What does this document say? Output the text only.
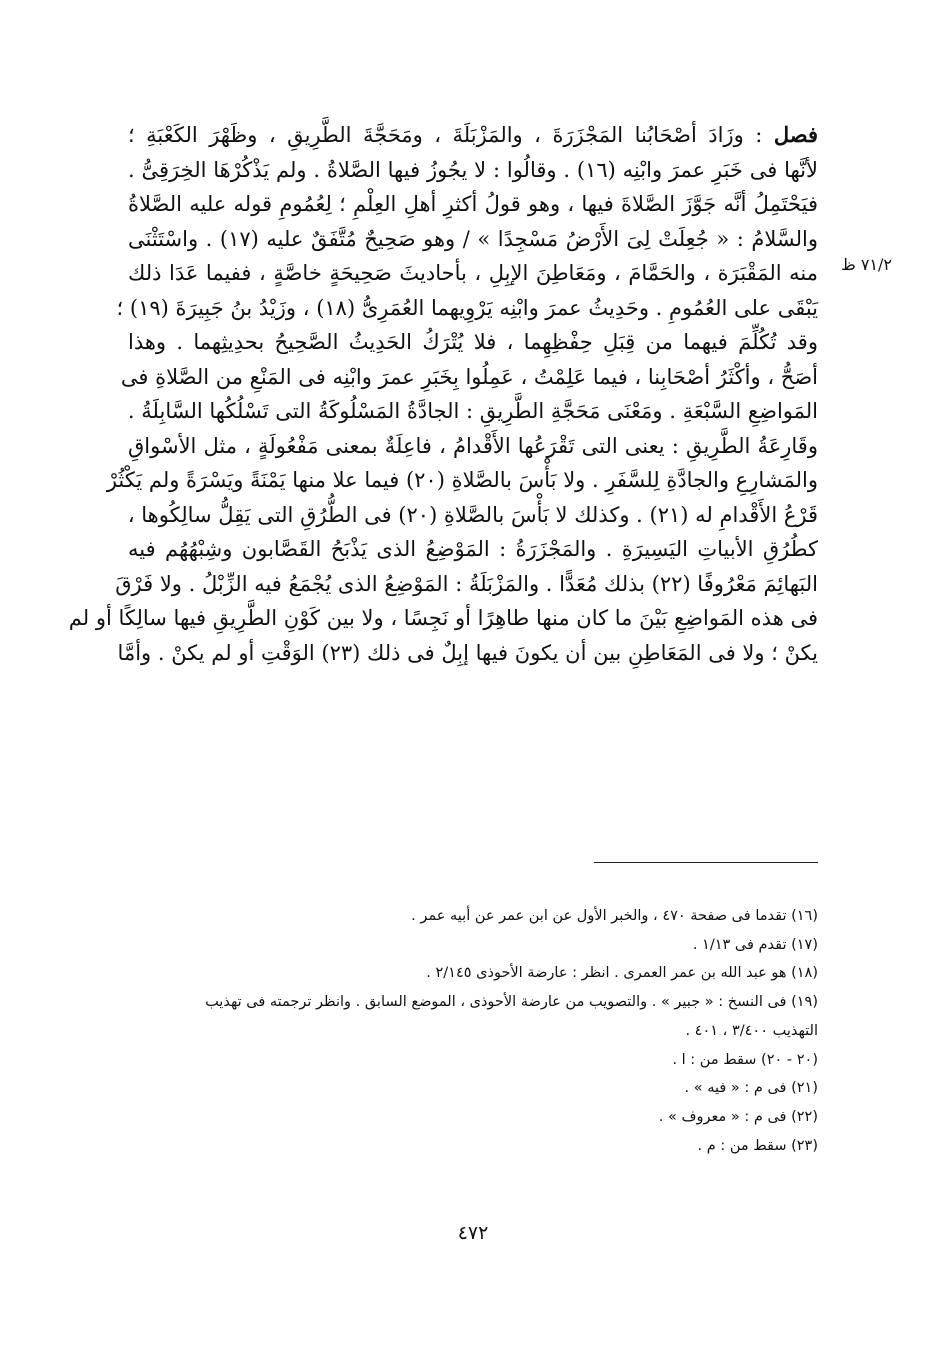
فصل : وزَادَ أصْحَابُنا المَجْزَرَةَ ، والمَزْبَلَةَ ، ومَحَجَّةَ الطَّرِيقِ ، وظَهْرَ الكَعْبَةِ ؛
لأنَّها فى خَبَرِ عمرَ وابْنِه (١٦) . وقالُوا : لا يجُوزُ فيها الصَّلاةُ . ولم يَذْكُرْهَا الخِرَقِىُّ .
فيَحْتَمِلُ أنَّه جَوَّزَ الصَّلاةَ فيها ، وهو قولُ أكثرِ أهلِ العِلْمِ ؛ لِعُمُومِ قوله عليه الصَّلاةُ
والسَّلامُ : « جُعِلَتْ لِىَ الأَرْضُ مَسْجِدًا » / وهو صَحِيحٌ مُتَّفَقٌ عليه (١٧) . واسْتَثْنَى
منه المَقْبَرَة ، والحَمَّامَ ، ومَعَاطِنَ الإبِلِ ، بأحاديثَ صَحِيحَةٍ خاصَّةٍ ، ففيما عَدَا ذلك
يَبْقَى على العُمُومِ . وحَدِيثُ عمرَ وابْنِه يَرْوِيهما العُمَرِىُّ (١٨) ، وزَيْدُ بنُ جَبِيرَةَ (١٩) ؛
وقد تُكُلِّمَ فيهما من قِبَلِ حِفْظِهِما ، فلا يُتْرَكُ الحَدِيثُ الصَّحِيحُ بحدِيثِهما . وهذا
أصَحُّ ، وأكْثَرُ أصْحَابِنا ، فيما عَلِمْتُ ، عَمِلُوا بِخَبَرِ عمرَ وابْنِه فى المَنْعِ من الصَّلاةِ فى
المَواضِعِ السَّبْعَةِ . ومَعْنَى مَحَجَّةِ الطَّرِيقِ : الجادَّةُ المَسْلُوكَةُ التى تَسْلُكُها السَّابِلَةُ .
وقَارِعَةُ الطَّرِيقِ : يعنى التى تَقْرَعُها الأَقْدامُ ، فاعِلَةٌ بمعنى مَفْعُولَةٍ ، مثل الأسْواقِ
والمَشارِعِ والجادَّةِ لِلسَّفَرِ . ولا بَأْسَ بالصَّلاةِ (٢٠) فيما علا منها يَمْنَةً ويَسْرَةً ولم يَكْثُرْ
قَرْعُ الأَقْدامِ له (٢١) . وكذلك لا بَأْسَ بالصَّلاةِ (٢٠) فى الطُّرُقِ التى يَقِلُّ سالِكُوها ،
كطُرُقِ الأبياتِ اليَسِيرَةِ . والمَجْزَرَةُ : المَوْضِعُ الذى يَذْبَحُ القَصَّابون وشِبْهُهُم فيه
البَهائِمَ مَعْرُوفًا (٢٢) بذلك مُعَدًّا . والمَزْبَلَةُ : المَوْضِعُ الذى يُجْمَعُ فيه الزِّبْلُ . ولا فَرْقَ
فى هذه المَواضِعِ بَيْنَ ما كان منها طاهِرًا أو نَجِسًا ، ولا بين كَوْنِ الطَّرِيقِ فيها سالِكًا أو لم
يكنْ ؛ ولا فى المَعَاطِنِ بين أن يكونَ فيها إبِلٌ فى ذلك (٢٣) الوَقْتِ أو لم يكنْ . وأمَّا
٧١/٢ ظ
(١٦) تقدما فى صفحة ٤٧٠ ، والخبر الأول عن ابن عمر عن أبيه عمر .
(١٧) تقدم فى ١/١٣ .
(١٨) هو عبد الله بن عمر العمرى . انظر : عارضة الأحوذى ٢/١٤٥ .
(١٩) فى النسخ : « جبير » . والتصويب من عارضة الأحوذى ، الموضع السابق . وانظر ترجمته فى تهذيب
التهذيب ٣/٤٠٠ ، ٤٠١ .
(٢٠ - ٢٠) سقط من : ا .
(٢١) فى م : « فيه » .
(٢٢) فى م : « معروف » .
(٢٣) سقط من : م .
٤٧٢
